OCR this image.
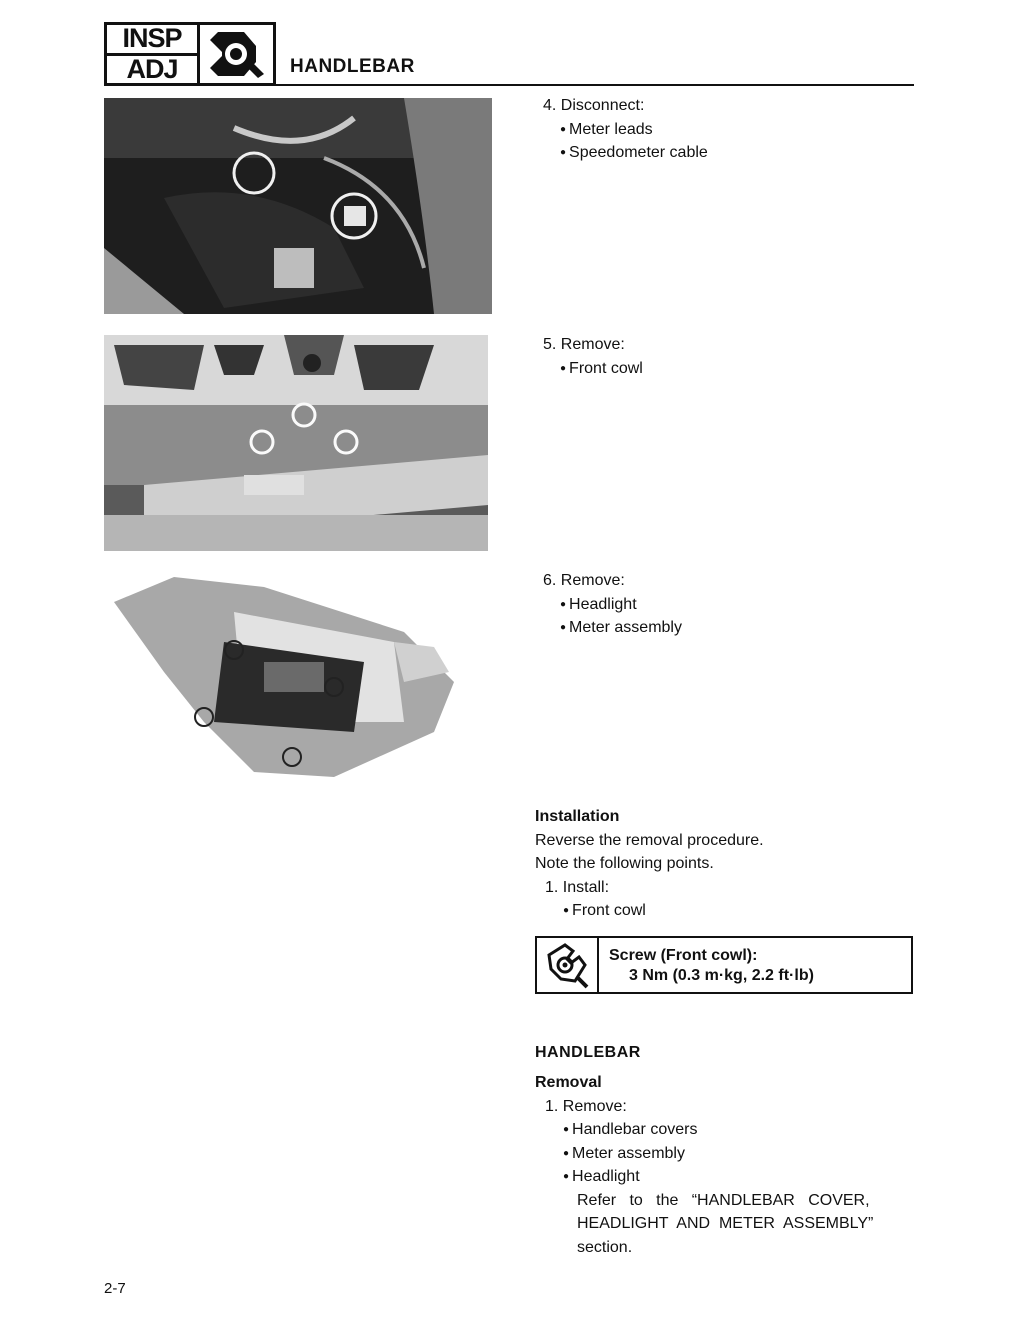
INSP
ADJ	HANDLEBAR
4. Disconnect:
● Meter leads
● Speedometer cable
5. Remove:
● Front cowl
6. Remove:
● Headlight
● Meter assembly
Installation
Reverse the removal procedure.
Note the following points.
1. Install:
● Front cowl
Screw (Front cowl):
3 Nm (0.3 m·kg, 2.2 ft·lb)
HANDLEBAR
Removal
1. Remove:
● Handlebar covers
● Meter assembly
● Headlight
Refer   to   the   “HANDLEBAR   COVER,
HEADLIGHT  AND  METER  ASSEMBLY”
section.
2-7
